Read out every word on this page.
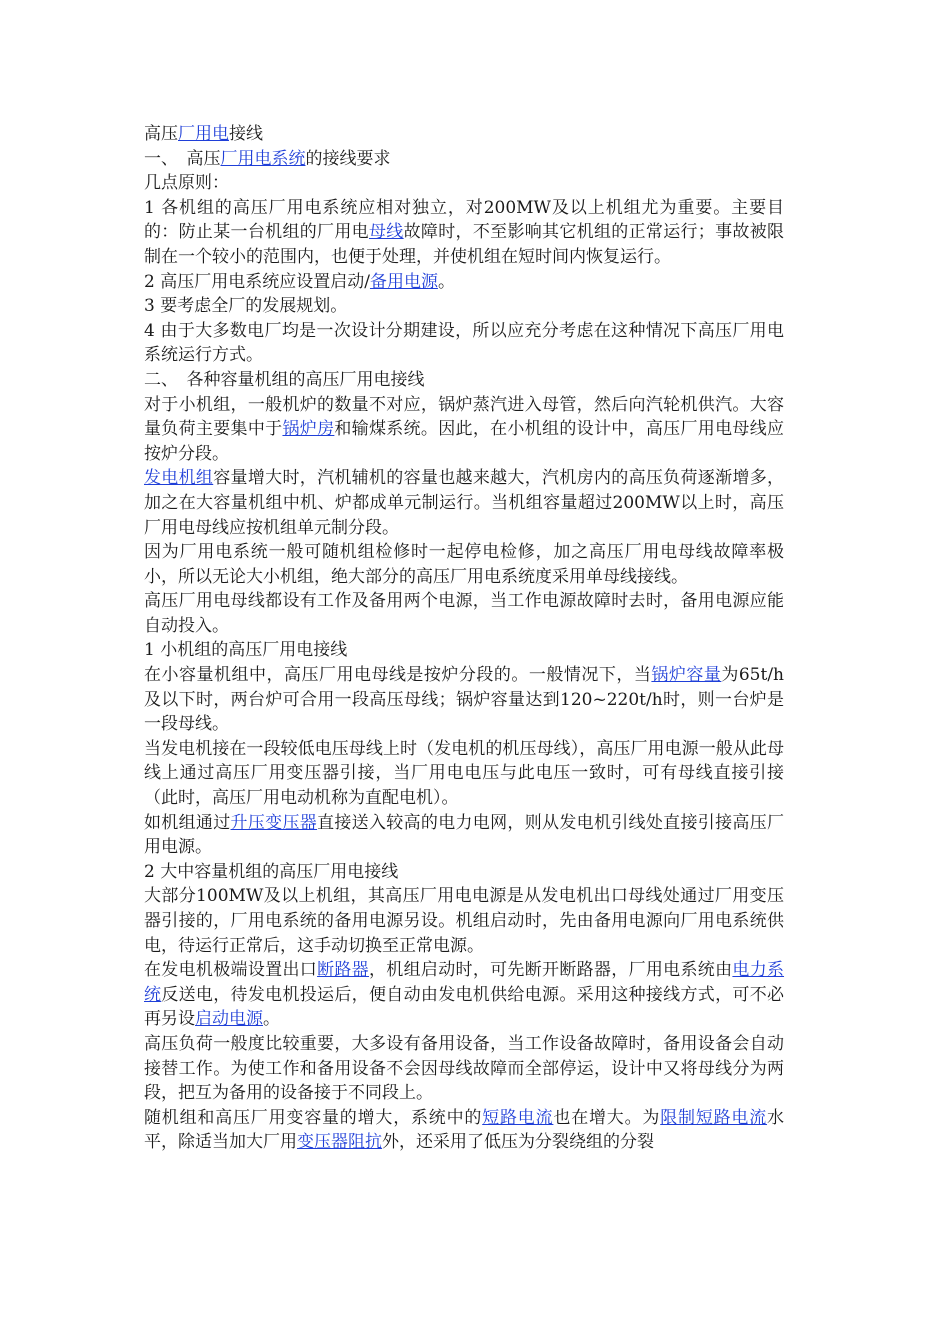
高压厂用电接线

一、　高压厂用电系统的接线要求

几点原则：

1 各机组的高压厂用电系统应相对独立，对200MW及以上机组尤为重要。主要目的：防止某一台机组的厂用电母线故障时，不至影响其它机组的正常运行；事故被限制在一个较小的范围内，也便于处理，并使机组在短时间内恢复运行。

2 高压厂用电系统应设置启动/备用电源。

3 要考虑全厂的发展规划。

4 由于大多数电厂均是一次设计分期建设，所以应充分考虑在这种情况下高压厂用电系统运行方式。

二、　各种容量机组的高压厂用电接线

对于小机组，一般机炉的数量不对应，锅炉蒸汽进入母管，然后向汽轮机供汽。大容量负荷主要集中于锅炉房和输煤系统。因此，在小机组的设计中，高压厂用电母线应按炉分段。

发电机组容量增大时，汽机辅机的容量也越来越大，汽机房内的高压负荷逐渐增多，加之在大容量机组中机、炉都成单元制运行。当机组容量超过200MW以上时，高压厂用电母线应按机组单元制分段。

因为厂用电系统一般可随机组检修时一起停电检修，加之高压厂用电母线故障率极小，所以无论大小机组，绝大部分的高压厂用电系统度采用单母线接线。

高压厂用电母线都设有工作及备用两个电源，当工作电源故障时去时，备用电源应能自动投入。

1 小机组的高压厂用电接线

在小容量机组中，高压厂用电母线是按炉分段的。一般情况下，当锅炉容量为65t/h及以下时，两台炉可合用一段高压母线；锅炉容量达到120~220t/h时，则一台炉是一段母线。

当发电机接在一段较低电压母线上时（发电机的机压母线），高压厂用电源一般从此母线上通过高压厂用变压器引接，当厂用电电压与此电压一致时，可有母线直接引接（此时，高压厂用电动机称为直配电机）。

如机组通过升压变压器直接送入较高的电力电网，则从发电机引线处直接引接高压厂用电源。

2 大中容量机组的高压厂用电接线

大部分100MW及以上机组，其高压厂用电电源是从发电机出口母线处通过厂用变压器引接的，厂用电系统的备用电源另设。机组启动时，先由备用电源向厂用电系统供电，待运行正常后，这手动切换至正常电源。

在发电机极端设置出口断路器，机组启动时，可先断开断路器，厂用电系统由电力系统反送电，待发电机投运后，便自动由发电机供给电源。采用这种接线方式，可不必再另设启动电源。

高压负荷一般度比较重要，大多设有备用设备，当工作设备故障时，备用设备会自动接替工作。为使工作和备用设备不会因母线故障而全部停运，设计中又将母线分为两段，把互为备用的设备接于不同段上。

随机组和高压厂用变容量的增大，系统中的短路电流也在增大。为限制短路电流水平，除适当加大厂用变压器阻抗外，还采用了低压为分裂绕组的分裂
